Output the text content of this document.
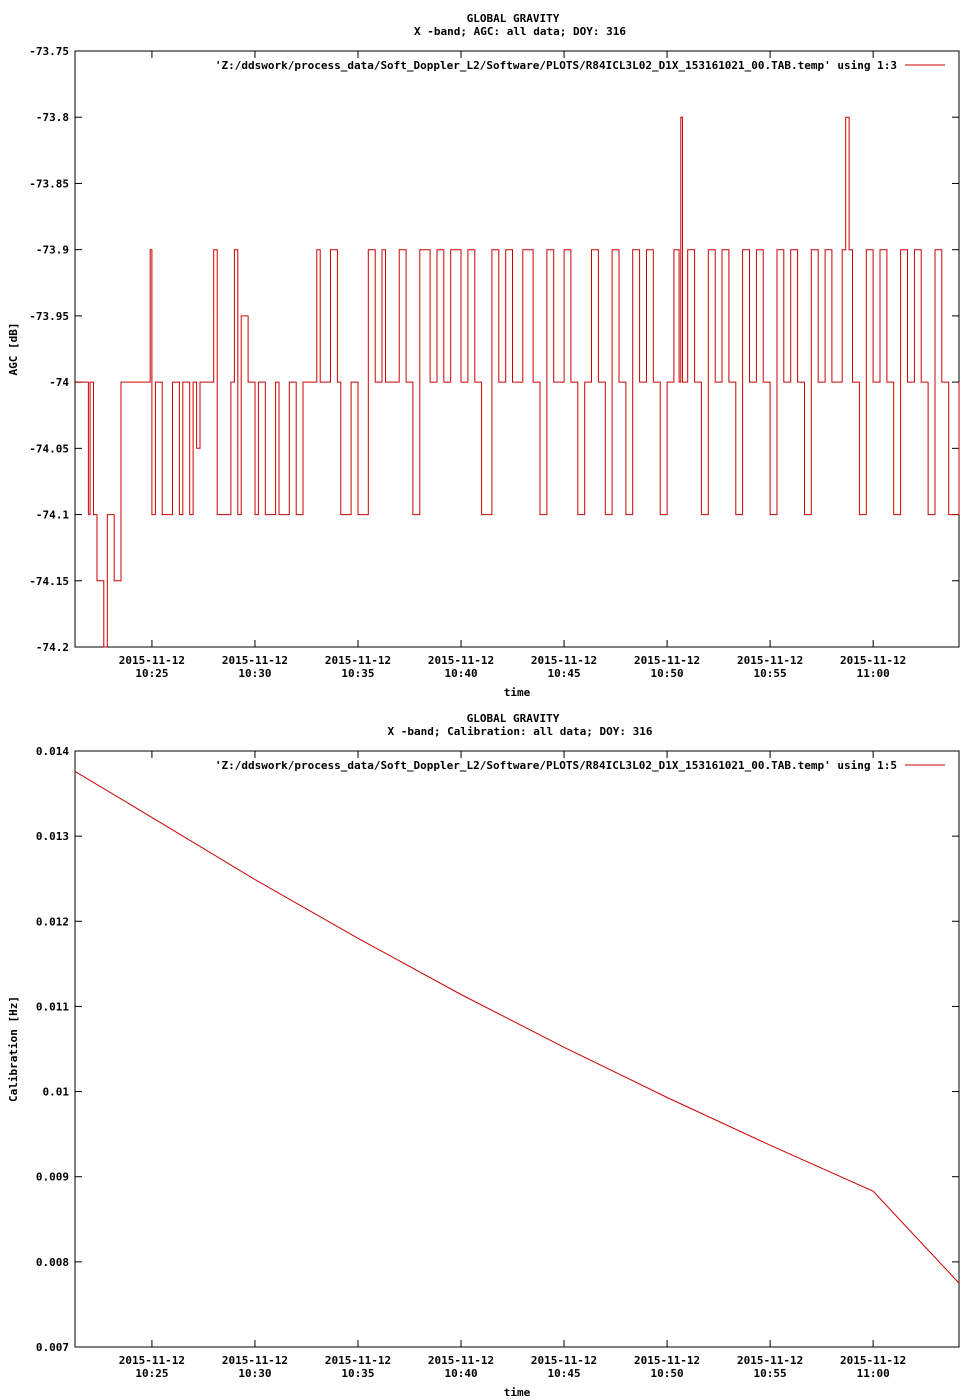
GLOBAL GRAVITY
X -band; AGC: all data; DOY: 316
'Z:/ddswork/process_data/Soft_Doppler_L2/Software/PLOTS/R84ICL3L02_D1X_153161021_00.TAB.temp' using 1:3
AGC [dB]
time
-73.75
-73.8
-73.85
-73.9
-73.95
-74
-74.05
-74.1
-74.15
-74.2
2015-11-12
10:25
2015-11-12
10:30
2015-11-12
10:35
2015-11-12
10:40
2015-11-12
10:45
2015-11-12
10:50
2015-11-12
10:55
2015-11-12
11:00
GLOBAL GRAVITY
X -band; Calibration: all data; DOY: 316
'Z:/ddswork/process_data/Soft_Doppler_L2/Software/PLOTS/R84ICL3L02_D1X_153161021_00.TAB.temp' using 1:5
Calibration [Hz]
time
0.014
0.013
0.012
0.011
0.01
0.009
0.008
0.007
2015-11-12
10:25
2015-11-12
10:30
2015-11-12
10:35
2015-11-12
10:40
2015-11-12
10:45
2015-11-12
10:50
2015-11-12
10:55
2015-11-12
11:00
